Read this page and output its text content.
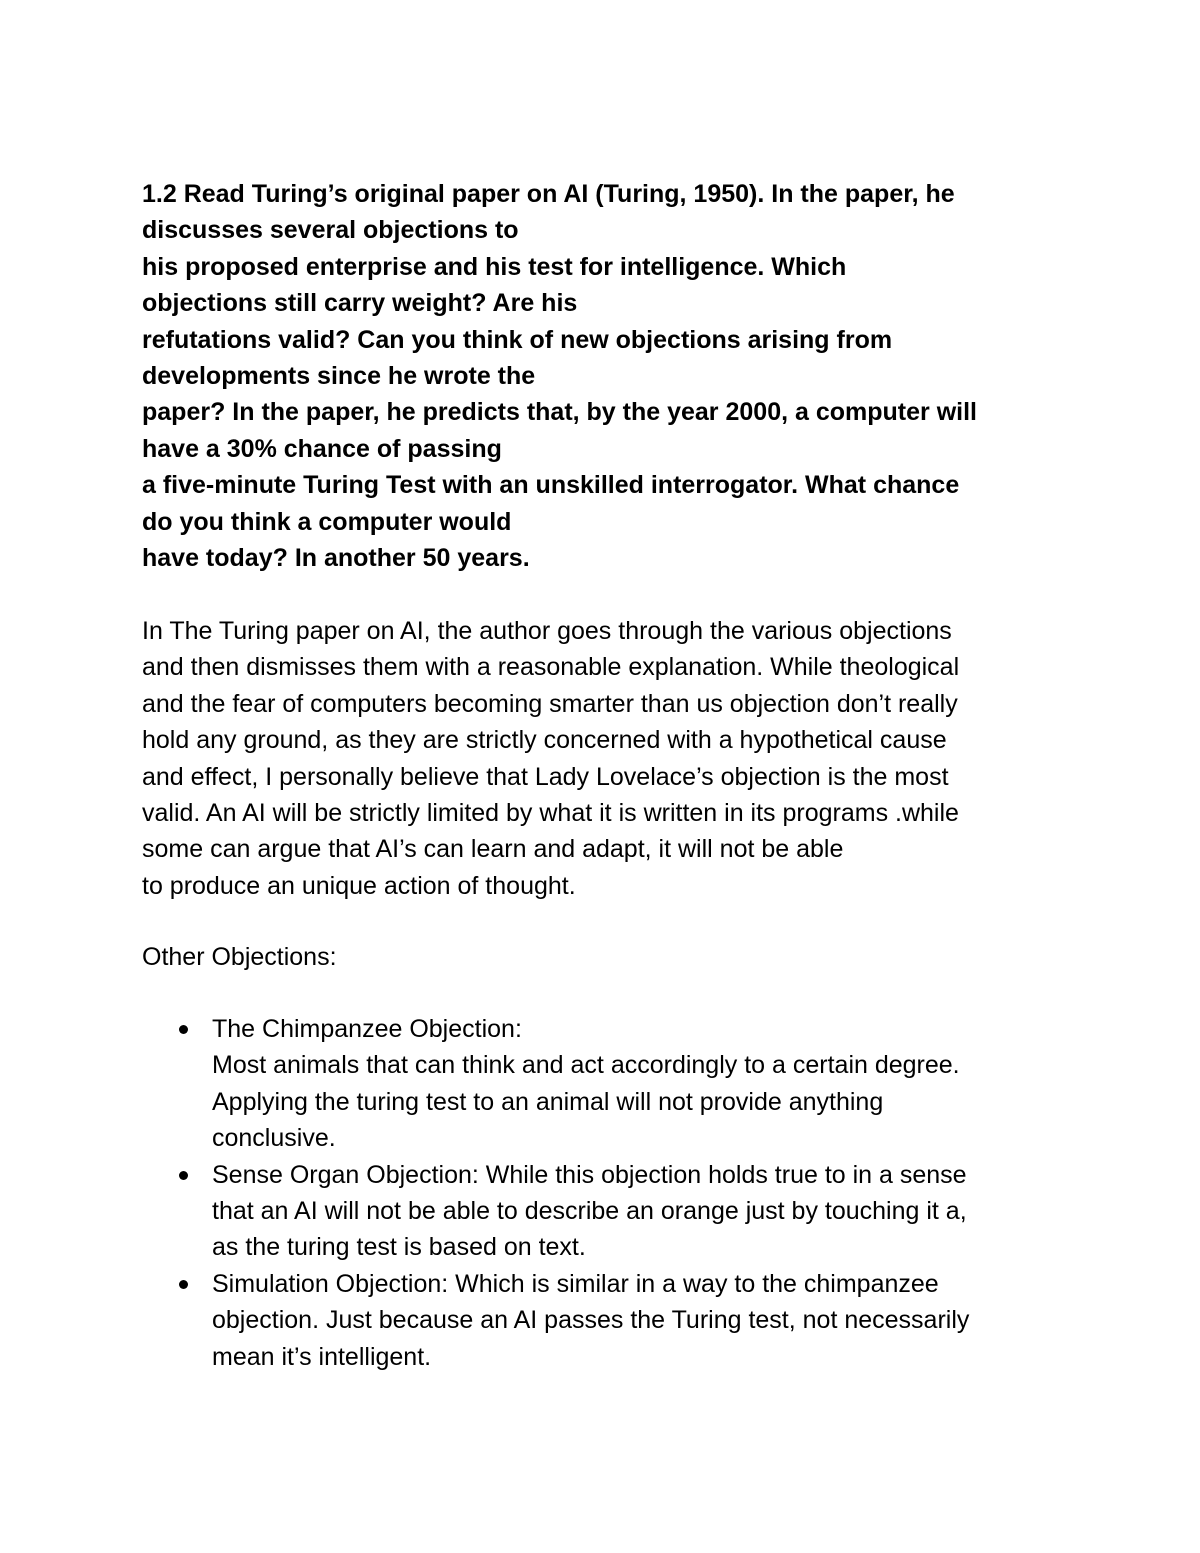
1.2 Read Turing’s original paper on AI (Turing, 1950). In the paper, he
discusses several objections to
his proposed enterprise and his test for intelligence. Which
objections still carry weight? Are his
refutations valid? Can you think of new objections arising from
developments since he wrote the
paper? In the paper, he predicts that, by the year 2000, a computer will
have a 30% chance of passing
a five-minute Turing Test with an unskilled interrogator. What chance
do you think a computer would
have today? In another 50 years.
In The Turing paper on AI, the author goes through the various objections
and then dismisses them with a reasonable explanation. While theological
and the fear of computers becoming smarter than us objection don’t really
hold any ground, as they are strictly concerned with a hypothetical cause
and effect, I personally believe that Lady Lovelace’s objection is the most
valid. An AI will be strictly limited by what it is written in its programs .while
some can argue that AI’s can learn and adapt, it will not be able
to produce an unique action of thought.
Other Objections:
The Chimpanzee Objection:
Most animals that can think and act accordingly to a certain degree.
Applying the turing test to an animal will not provide anything
conclusive.
Sense Organ Objection: While this objection holds true to in a sense
that an AI will not be able to describe an orange just by touching it a,
as the turing test is based on text.
Simulation Objection: Which is similar in a way to the chimpanzee
objection. Just because an AI passes the Turing test, not necessarily
mean it’s intelligent.
